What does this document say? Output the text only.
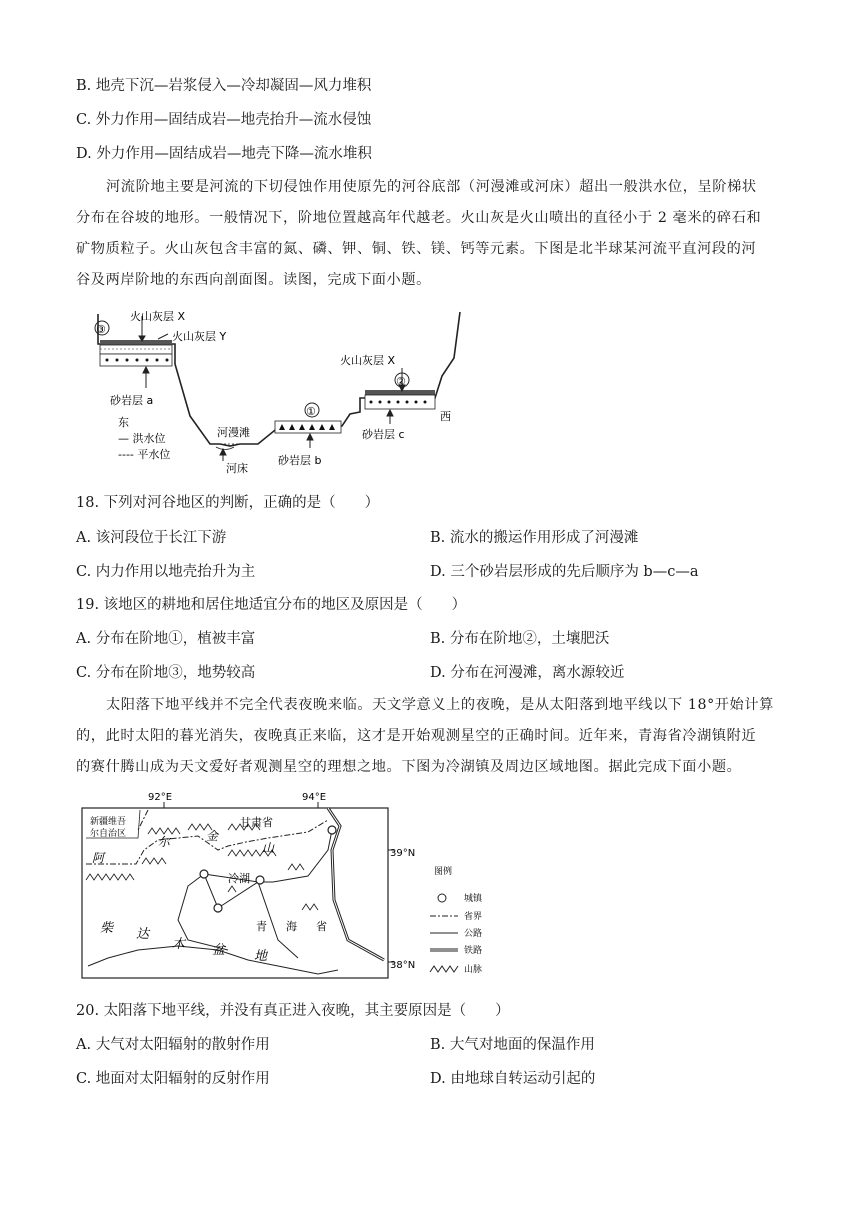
B. 地壳下沉—岩浆侵入—冷却凝固—风力堆积
C. 外力作用—固结成岩—地壳抬升—流水侵蚀
D. 外力作用—固结成岩—地壳下降—流水堆积
河流阶地主要是河流的下切侵蚀作用使原先的河谷底部（河漫滩或河床）超出一般洪水位，呈阶梯状
分布在谷坡的地形。一般情况下，阶地位置越高年代越老。火山灰是火山喷出的直径小于 2 毫米的碎石和
矿物质粒子。火山灰包含丰富的氮、磷、钾、铜、铁、镁、钙等元素。下图是北半球某河流平直河段的河
谷及两岸阶地的东西向剖面图。读图，完成下面小题。
③
火山灰层 X
火山灰层 Y
砂岩层 a
东
— 洪水位
---- 平水位
河漫滩
河床
砂岩层 b
①
火山灰层 X
②
砂岩层 c
西
18. 下列对河谷地区的判断，正确的是（　　）
A. 该河段位于长江下游	B. 流水的搬运作用形成了河漫滩
C. 内力作用以地壳抬升为主	D. 三个砂岩层形成的先后顺序为 b—c—a
19. 该地区的耕地和居住地适宜分布的地区及原因是（　　）
A. 分布在阶地①，植被丰富	B. 分布在阶地②，土壤肥沃
C. 分布在阶地③，地势较高	D. 分布在河漫滩，离水源较近
太阳落下地平线并不完全代表夜晚来临。天文学意义上的夜晚，是从太阳落到地平线以下 18°开始计算
的，此时太阳的暮光消失，夜晚真正来临，这才是开始观测星空的正确时间。近年来，青海省冷湖镇附近
的赛什腾山成为天文爱好者观测星空的理想之地。下图为冷湖镇及周边区域地图。据此完成下面小题。
92°E	94°E
39°N
38°N
新疆维吾
尔自治区
尔	金
甘肃省
山
阿
冷湖
柴 达
木 盆 地
青 海 省
图例
城镇
省界
公路
铁路
山脉
20. 太阳落下地平线，并没有真正进入夜晚，其主要原因是（　　）
A. 大气对太阳辐射的散射作用	B. 大气对地面的保温作用
C. 地面对太阳辐射的反射作用	D. 由地球自转运动引起的
